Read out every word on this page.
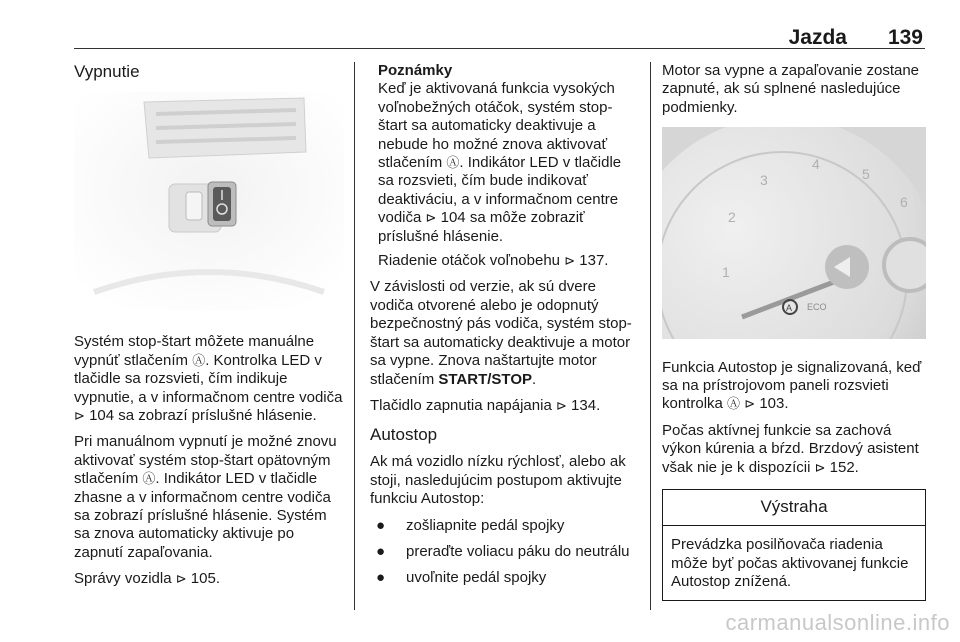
Jazda 139
Vypnutie

Systém stop-štart môžete manuálne vypnúť stlačením Ⓐ. Kontrolka LED v tlačidle sa rozsvieti, čím indikuje vypnutie, a v informačnom centre vodiča ⊳ 104 sa zobrazí príslušné hlásenie.

Pri manuálnom vypnutí je možné znovu aktivovať systém stop-štart opätovným stlačením Ⓐ. Indikátor LED v tlačidle zhasne a v informačnom centre vodiča sa zobrazí príslušné hlásenie. Systém sa znova automaticky aktivuje po zapnutí zapaľovania.

Správy vozidla ⊳ 105.

Poznámky

Keď je aktivovaná funkcia vysokých voľnobežných otáčok, systém stop-štart sa automaticky deaktivuje a nebude ho možné znova aktivovať stlačením Ⓐ. Indikátor LED v tlačidle sa rozsvieti, čím bude indikovať deaktiváciu, a v informačnom centre vodiča ⊳ 104 sa môže zobraziť príslušné hlásenie.

Riadenie otáčok voľnobehu ⊳ 137.

V závislosti od verzie, ak sú dvere vodiča otvorené alebo je odopnutý bezpečnostný pás vodiča, systém stop-štart sa automaticky deaktivuje a motor sa vypne. Znova naštartujte motor stlačením START/STOP.

Tlačidlo zapnutia napájania ⊳ 134.

Autostop

Ak má vozidlo nízku rýchlosť, alebo ak stoji, nasledujúcim postupom aktivujte funkciu Autostop:

● zošliapnite pedál spojky
● preraďte voliacu páku do neutrálu
● uvoľnite pedál spojky

Motor sa vypne a zapaľovanie zostane zapnuté, ak sú splnené nasledujúce podmienky.

1
2
3
4
5
6
A ECO

Funkcia Autostop je signalizovaná, keď sa na prístrojovom paneli rozsvieti kontrolka Ⓐ ⊳ 103.

Počas aktívnej funkcie sa zachová výkon kúrenia a bŕzd. Brzdový asistent však nie je k dispozícii ⊳ 152.

Výstraha
Prevádzka posilňovača riadenia môže byť počas aktivovanej funkcie Autostop znížená.
carmanualsonline.info
